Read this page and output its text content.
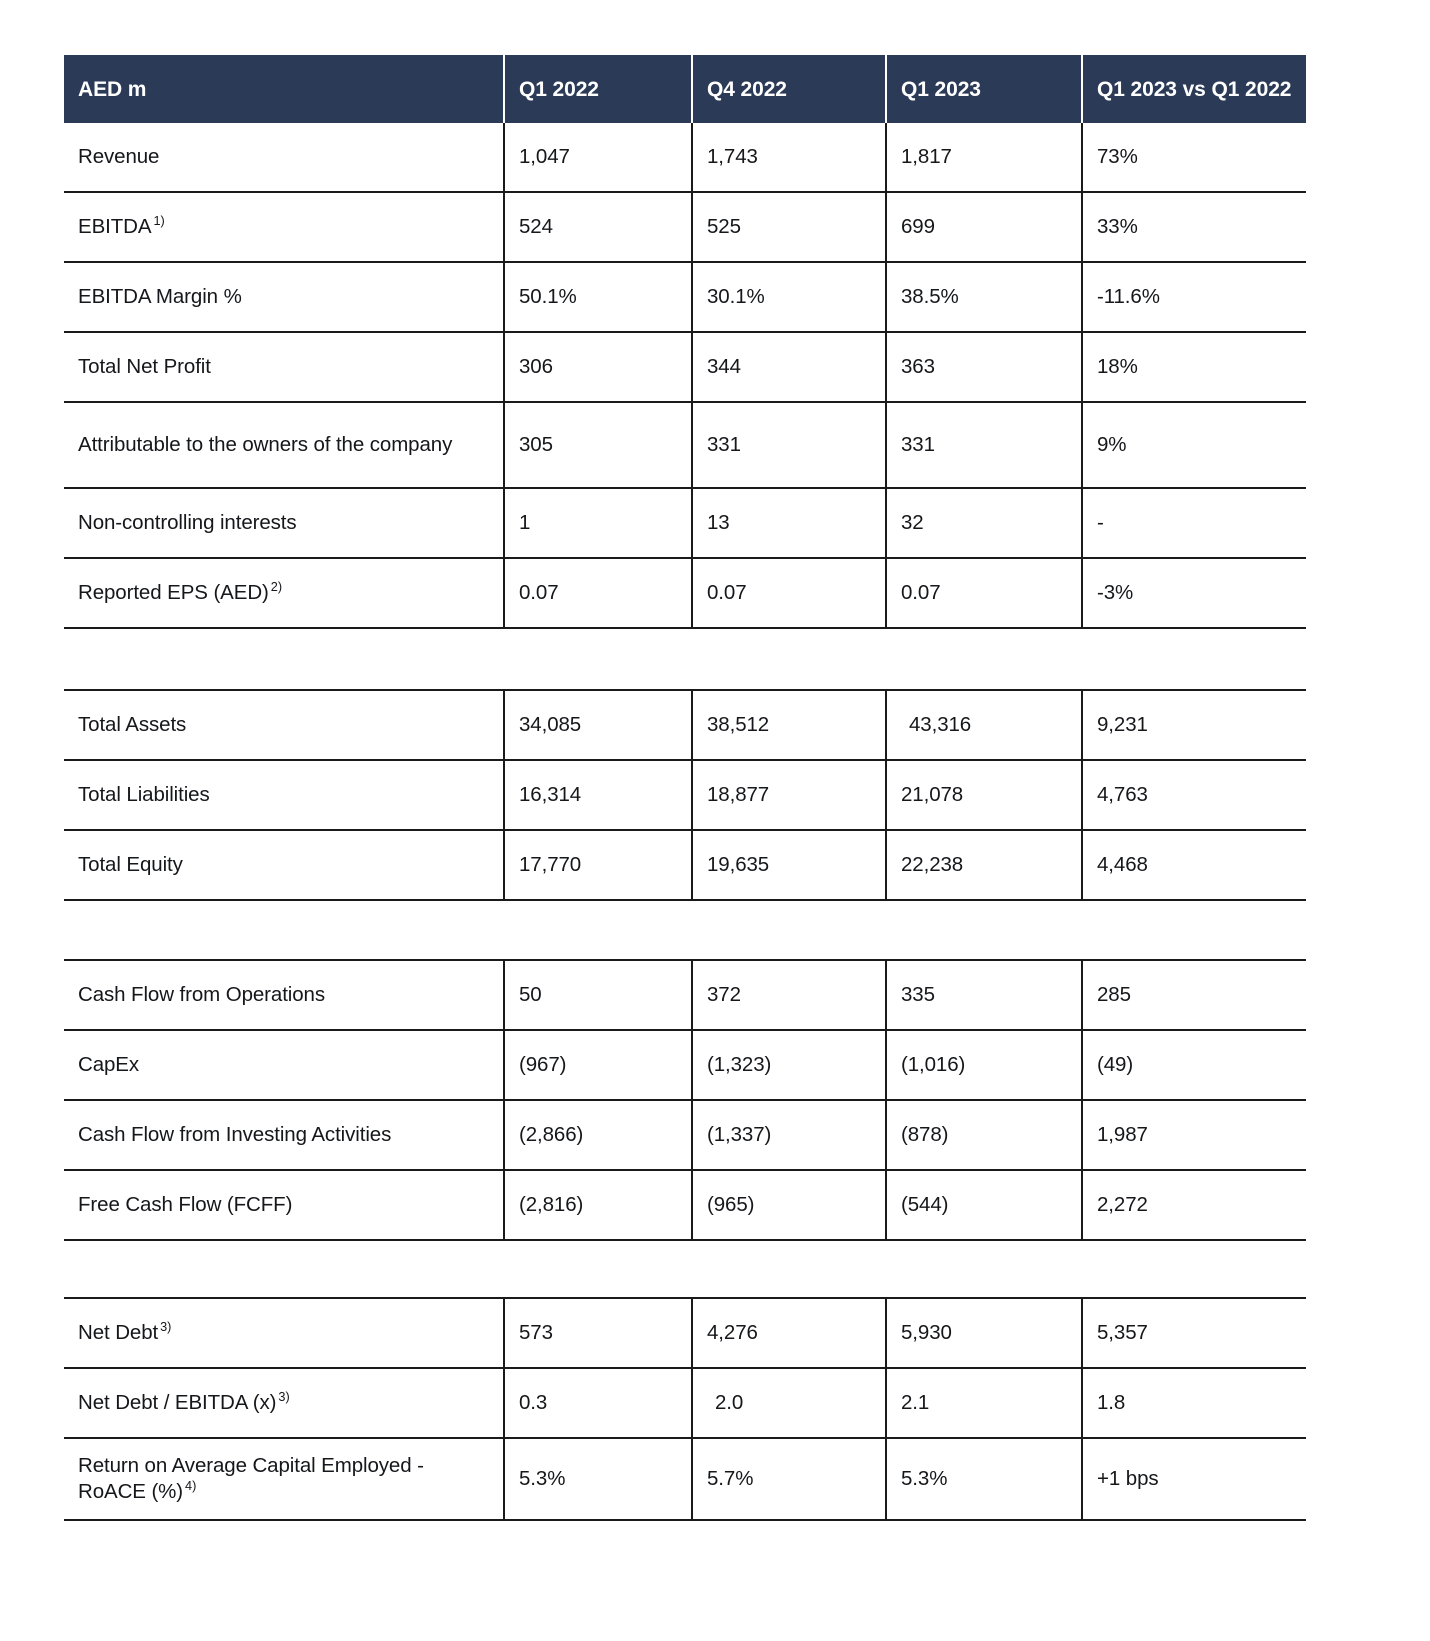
AED m	Q1 2022	Q4 2022	Q1 2023	Q1 2023 vs Q1 2022
Revenue	1,047	1,743	1,817	73%
EBITDA $^{1)}$	524	525	699	33%
EBITDA Margin %	50.1%	30.1%	38.5%	-11.6%
Total Net Profit	306	344	363	18%
Attributable to the owners of the company	305	331	331	9%
Non-controlling interests	1	13	32	-
Reported EPS (AED) $^{2)}$	0.07	0.07	0.07	-3%
Total Assets	34,085	38,512	43,316	9,231
Total Liabilities	16,314	18,877	21,078	4,763
Total Equity	17,770	19,635	22,238	4,468
Cash Flow from Operations	50	372	335	285
CapEx	(967)	(1,323)	(1,016)	(49)
Cash Flow from Investing Activities	(2,866)	(1,337)	(878)	1,987
Free Cash Flow (FCFF)	(2,816)	(965)	(544)	2,272
Net Debt $^{3)}$	573	4,276	5,930	5,357
Net Debt / EBITDA (x) $^{3)}$	0.3	2.0	2.1	1.8

Return on Average Capital Employed -
RoACE (%) $^{4)}$	5.3%	5.7%	5.3%	+1 bps
